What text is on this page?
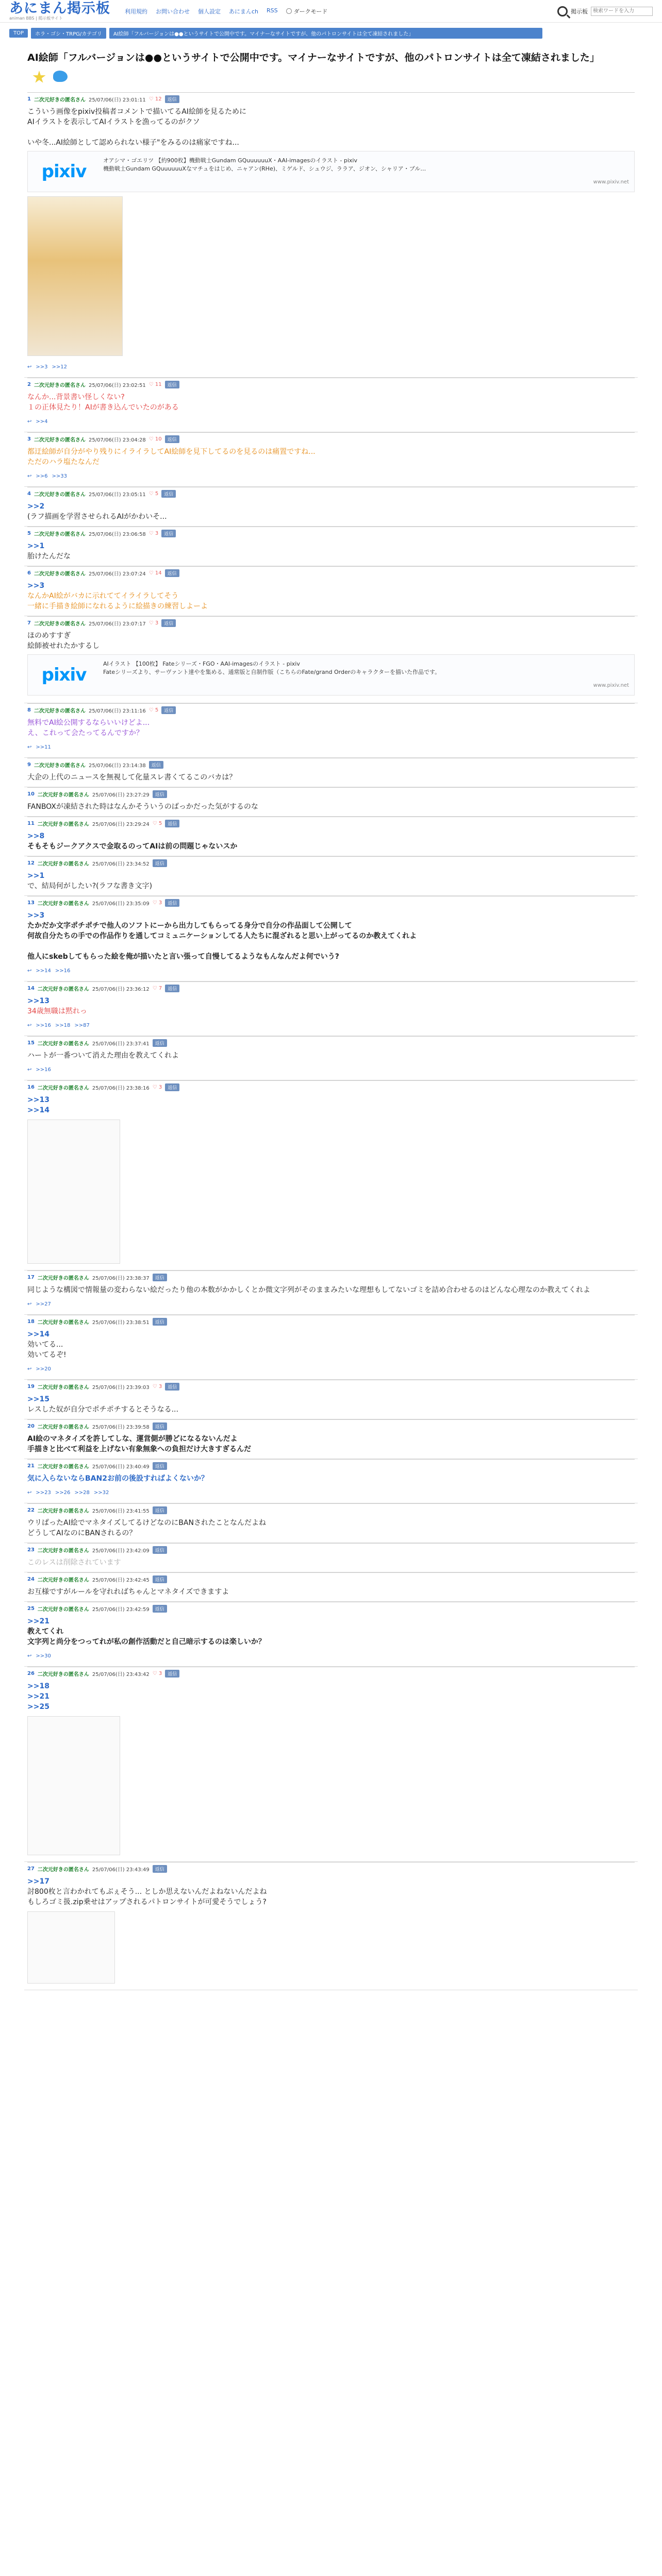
あにまん掲示板
animan BBS | 掲示板サイト
利用規約 お問い合わせ 個人設定 あにまんch RSS	ダークモード	掲示板
検索ワードを入力
TOP	ホラ・ゴシ・TRPG/カテゴリ	AI絵師「フルバージョンは●●というサイトで公開中です。マイナーなサイトですが、他のパトロンサイトは全て凍結されました」
AI絵師「フルバージョンは●●というサイトで公開中です。マイナーなサイトですが、他のパトロンサイトは全て凍結されました」
1 二次元好きの匿名さん 25/07/06(日) 23:01:11 ♡ 12	返信
こういう画像をpixiv投稿者コメントで描いてるAI絵師を見るために
AIイラストを表示してAIイラストを漁ってるのがクソ

いや冬...AI絵師として認められない様子"をみるのは痛家ですね...
pixiv
オアシマ・ゴエリツ 【約900枚】機動戦士Gundam GQuuuuuuX・AAI-imagesのイラスト - pixiv
機動戦士Gundam GQuuuuuuXなマチュをはじめ、ニャアン(RHe)、ミゲルド、シュウジ、ララア、ジオン、シャリア・ブル…
www.pixiv.net
↩ >>3 >>12
2 二次元好きの匿名さん 25/07/06(日) 23:02:51 ♡ 11	返信
なんか...背景書い怪しくない?
１の正体見たり！AIが書き込んでいたのがある
↩ >>4
3 二次元好きの匿名さん 25/07/06(日) 23:04:28 ♡ 10	返信
都迂絵師が自分がやり残りにイライラしてAI絵師を見下してるのを見るのは痛置ですね...
ただのハラ塩たなんだ
↩ >>6 >>33
4 二次元好きの匿名さん 25/07/06(日) 23:05:11 ♡ 5	返信
>>2
(ラフ描画を学習させられるAIがかわいそ...
5 二次元好きの匿名さん 25/07/06(日) 23:06:58 ♡ 3	返信
>>1
胎けたんだな
6 二次元好きの匿名さん 25/07/06(日) 23:07:24 ♡ 14	返信
>>3
なんかAI絵がバカに示れててイライラしてそう
一緒に手描き絵師になれるように絵描きの練習しよーよ
7 二次元好きの匿名さん 25/07/06(日) 23:07:17 ♡ 3	返信
ほのめすすぎ
絵師被せれたかするし
pixiv
AIイラスト 【100枚】 Fateシリーズ・FGO・AAI-imagesのイラスト - pixiv
Fateシリーズより、サーヴァント達やを集める、通常版と自制作版（こちらのFate/grand Orderのキャラクターを描いた作品です。
www.pixiv.net
8 二次元好きの匿名さん 25/07/06(日) 23:11:16 ♡ 5	返信
無料でAI絵公開するならいいけどよ...
え、これって会たってるんですか？
↩ >>11
9 二次元好きの匿名さん 25/07/06(日) 23:14:38	返信
大企の上代のニュースを無視して化量スレ書くてるこのバカは？
10 二次元好きの匿名さん 25/07/06(日) 23:27:29	返信
FANBOXが凍結された時はなんかそういうのばっかだった気がするのな
11 二次元好きの匿名さん 25/07/06(日) 23:29:24 ♡ 5	返信
>>8
そもそもジークアクスで金取るのってAIは前の問題じゃないスか
12 二次元好きの匿名さん 25/07/06(日) 23:34:52	返信
>>1
で、結局何がしたい?(ラフな書き文字)
13 二次元好きの匿名さん 25/07/06(日) 23:35:09 ♡ 3	返信
>>3
たかだか文字ポチポチで他人のソフトにーから出力してもらってる身分で自分の作品面して公開して
何故自分たちの手での作品作りを通してコミュニケーションしてる人たちに混ざれると思い上がってるのか教えてくれよ

他人にskebしてもらった絵を俺が描いたと言い張って自慢してるようなもんなんだよ何でいう?
↩ >>14 >>16
14 二次元好きの匿名さん 25/07/06(日) 23:36:12 ♡ 7	返信
>>13
34歳無職は黙れっ
↩ >>16 >>18 >>87
15 二次元好きの匿名さん 25/07/06(日) 23:37:41	返信
ハートが一番ついて消えた理由を教えてくれよ
↩ >>16
16 二次元好きの匿名さん 25/07/06(日) 23:38:16 ♡ 3	返信
>>13
>>14
17 二次元好きの匿名さん 25/07/06(日) 23:38:37	返信
同じような構図で情報量の変わらない絵だったり他の本数がかかしくとか微文字列がそのままみたいな理想もしてないゴミを詰め合わせるのはどんな心理なのか教えてくれよ
↩ >>27
18 二次元好きの匿名さん 25/07/06(日) 23:38:51	返信
>>14
効いてる...
効いてるぞ!
↩ >>20
19 二次元好きの匿名さん 25/07/06(日) 23:39:03 ♡ 3	返信
>>15
レスした奴が自分でポチポチするとそうなる...
20 二次元好きの匿名さん 25/07/06(日) 23:39:58	返信
AI絵のマネタイズを許してしな、運営側が勝どになるないんだよ
手描きと比べて利益を上げない有象無象への負担だけ大きすぎるんだ
21 二次元好きの匿名さん 25/07/06(日) 23:40:49	返信
気に入らないならBAN2お前の後設すればよくないか？
↩ >>23 >>26 >>28 >>32
22 二次元好きの匿名さん 25/07/06(日) 23:41:55	返信
ウリぱったAI絵でマネタイズしてるけどなのにBANされたことなんだよね
どうしてAIなのにBANされるの？
23 二次元好きの匿名さん 25/07/06(日) 23:42:09	返信
このレスは削除されています
24 二次元好きの匿名さん 25/07/06(日) 23:42:45	返信
お互様ですがルールを守れればちゃんとマネタイズできますよ
25 二次元好きの匿名さん 25/07/06(日) 23:42:59	返信
>>21
教えてくれ
文字列と尚分をつってれが私の創作活動だと自己暗示するのは楽しいか？
↩ >>30
26 二次元好きの匿名さん 25/07/06(日) 23:43:42 ♡ 3	返信
>>18
>>21
>>25
27 二次元好きの匿名さん 25/07/06(日) 23:43:49	返信
>>17
討800枚と言わかれてもぶぇそう... としか思えないんだよねないんだよね
もしろゴミ扱.zip乗せはアップされるパトロンサイトが可愛そうでしょう?
